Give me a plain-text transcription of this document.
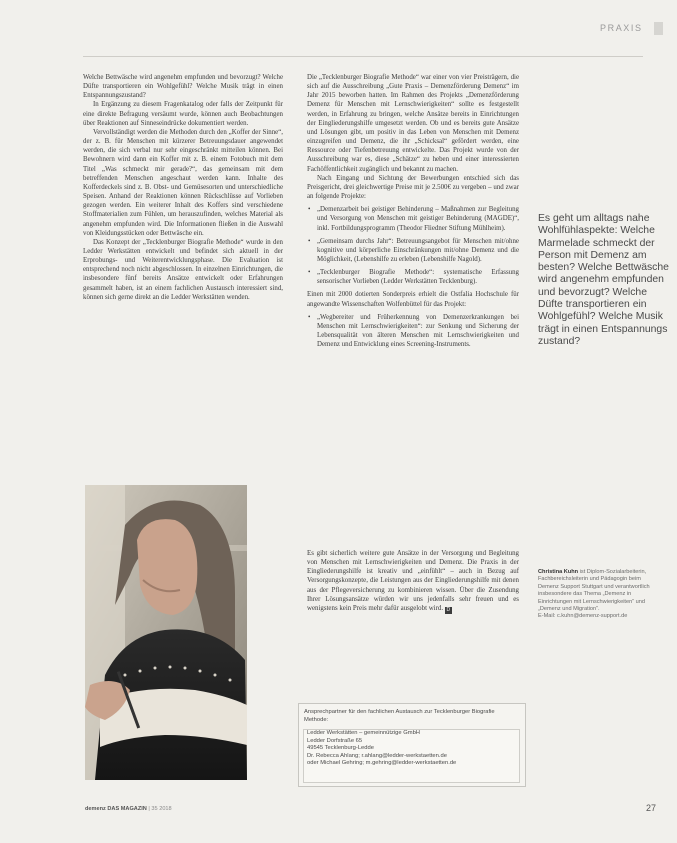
PRAXIS

Welche Bettwäsche wird angenehm empfunden und bevorzugt? Welche Düfte transportieren ein Wohlgefühl? Welche Musik trägt in einen Entspannungszustand?

In Ergänzung zu diesem Fragenkatalog oder falls der Zeitpunkt für eine direkte Befragung versäumt wurde, können auch Beobachtungen über Reaktionen auf Sinneseindrücke dokumentiert werden.

Vervollständigt werden die Methoden durch den „Koffer der Sinne“, der z. B. für Menschen mit kürzerer Betreuungsdauer angewendet werden, die sich verbal nur sehr eingeschränkt mitteilen können. Bei Bewohnern wird dann ein Koffer mit z. B. einem Fotobuch mit dem Titel „Was schmeckt mir gerade?“, das gemeinsam mit dem betreffenden Menschen angeschaut werden kann. Inhalte des Kofferdeckels sind z. B. Obst- und Gemüsesorten und unterschiedliche Speisen. Anhand der Reaktionen können Rückschlüsse auf Vorlieben gezogen werden. Ein weiterer Inhalt des Koffers sind verschiedene Stoffmaterialien zum Fühlen, um herauszufinden, welches Material als angenehm empfunden wird. Die Informationen fließen in die Auswahl von Kleidungsstücken oder Bettwäsche ein.

Das Konzept der „Tecklenburger Biografie Methode“ wurde in den Ledder Werkstätten entwickelt und befindet sich aktuell in der Erprobungs- und Weiterentwicklungsphase. Die Evaluation ist entsprechend noch nicht abgeschlossen. In einzelnen Einrichtungen, die insbesondere fünf bereits Ansätze entwickelt oder Erfahrungen gesammelt haben, ist an einem fachlichen Austausch interessiert sind, können sich gerne direkt an die Ledder Werkstätten wenden.

Die „Tecklenburger Biografie Methode“ war einer von vier Preisträgern, die sich auf die Ausschreibung „Gute Praxis – Demenzförderung Demenz“ im Jahr 2015 beworben hatten. Im Rahmen des Projekts „Demenzförderung Demenz für Menschen mit Lernschwierigkeiten“ sollte es festgestellt werden, in Erfahrung zu bringen, welche Ansätze bereits in Einrichtungen der Eingliederungshilfe umgesetzt werden. Ob und es bereits gute Ansätze und Lösungen gibt, um positiv in das Leben von Menschen mit Demenz einzugreifen und Demenz, die ihr „Schicksal“ gefördert werden, eine Ressource oder Tiefenbetreuung entwickelte. Das Projekt wurde von der Ausschreibung war es, diese „Schätze“ zu heben und einer interessierten Fachöffentlichkeit zugänglich und bekannt zu machen.

Nach Eingang und Sichtung der Bewerbungen entschied sich das Preisgericht, drei gleichwertige Preise mit je 2.500€ zu vergeben – und zwar an folgende Projekte:

• „Demenzarbeit bei geistiger Behinderung – Maßnahmen zur Begleitung und Versorgung von Menschen mit geistiger Behinderung (MAGDE)“, inkl. Fortbildungsprogramm (Theodor Fliedner Stiftung Mühlheim).
• „Gemeinsam durchs Jahr“: Betreuungsangebot für Menschen mit/ohne kognitive und körperliche Einschränkungen mit/ohne Demenz und die Möglichkeit, (Lebenshilfe zu erleben (Lebenshilfe Nagold).
• „Tecklenburger Biografie Methode“: systematische Erfassung sensorischer Vorlieben (Ledder Werkstätten Tecklenburg).

Einen mit 2000 dotierten Sonderpreis erhielt die Ostfalia Hochschule für angewandte Wissenschaften Wolfenbüttel für das Projekt:

• „Wegbereiter und Früherkennung von Demenzerkrankungen bei Menschen mit Lernschwierigkeiten“: zur Senkung und Sicherung der Lebensqualität von älteren Menschen mit Lernschwierigkeiten und Demenz und Entwicklung eines Screening-Instruments.

Es gibt sicherlich weitere gute Ansätze in der Versorgung und Begleitung von Menschen mit Lernschwierigkeiten und Demenz. Die Praxis in der Eingliederungshilfe ist kreativ und „einfühlt“ – auch in Bezug auf Versorgungskonzepte, die Leistungen aus der Eingliederungshilfe mit denen aus der Pflegeversicherung zu kombinieren wissen. Über die Zusendung Ihrer Lösungsansätze würden wir uns jedenfalls sehr freuen und es wenigstens kein Preis mehr dafür ausgelobt wird. D

Es geht um alltags nahe Wohlfühlaspekte: Welche Marmelade schmeckt der Person mit Demenz am besten? Welche Bettwäsche wird angenehm empfunden und bevorzugt? Welche Düfte transportieren ein Wohlgefühl? Welche Musik trägt in einen Entspannungs zustand?
Christina Kuhn ist Diplom-Sozialarbeiterin, Fachbereichsleiterin und Pädagogin beim Demenz Support Stuttgart und verantwortlich insbesondere das Thema „Demenz in Einrichtungen mit Lernschwierigkeiten“ und „Demenz und Migration“.
E-Mail: c.kuhn@demenz-support.de
Ansprechpartner für den fachlichen Austausch zur Tecklenburger Biografie Methode:
Ledder Werkstätten – gemeinnützige GmbH
Ledder Dorfstraße 65
49545 Tecklenburg-Ledde
Dr. Rebecca Ahlang; r.ahlang@ledder-werkstaetten.de
oder Michael Gehring; m.gehring@ledder-werkstaetten.de
demenz DAS MAGAZIN | 35 2018	27
